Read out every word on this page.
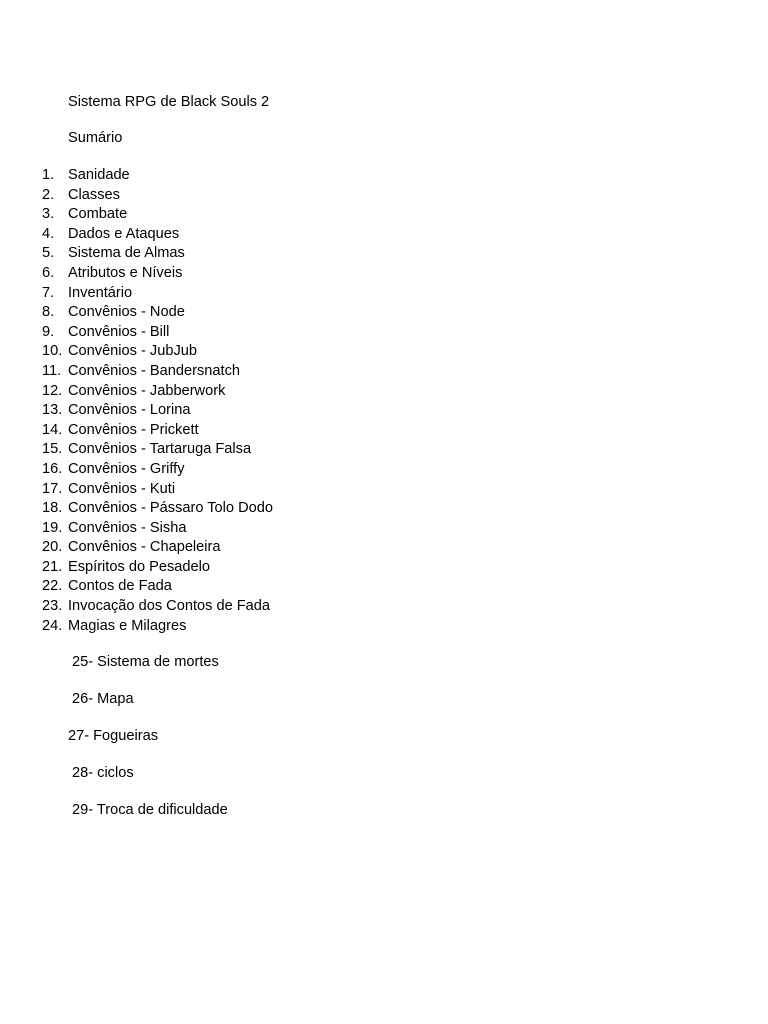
Sistema RPG de Black Souls 2
Sumário
1. Sanidade
2. Classes
3. Combate
4. Dados e Ataques
5. Sistema de Almas
6. Atributos e Níveis
7. Inventário
8. Convênios - Node
9. Convênios - Bill
10. Convênios - JubJub
11. Convênios - Bandersnatch
12. Convênios - Jabberwork
13. Convênios - Lorina
14. Convênios - Prickett
15. Convênios - Tartaruga Falsa
16. Convênios - Griffy
17. Convênios - Kuti
18. Convênios - Pássaro Tolo Dodo
19. Convênios - Sisha
20. Convênios - Chapeleira
21. Espíritos do Pesadelo
22. Contos de Fada
23. Invocação dos Contos de Fada
24. Magias e Milagres
25- Sistema de mortes
26- Mapa
27- Fogueiras
28- ciclos
29- Troca de dificuldade
